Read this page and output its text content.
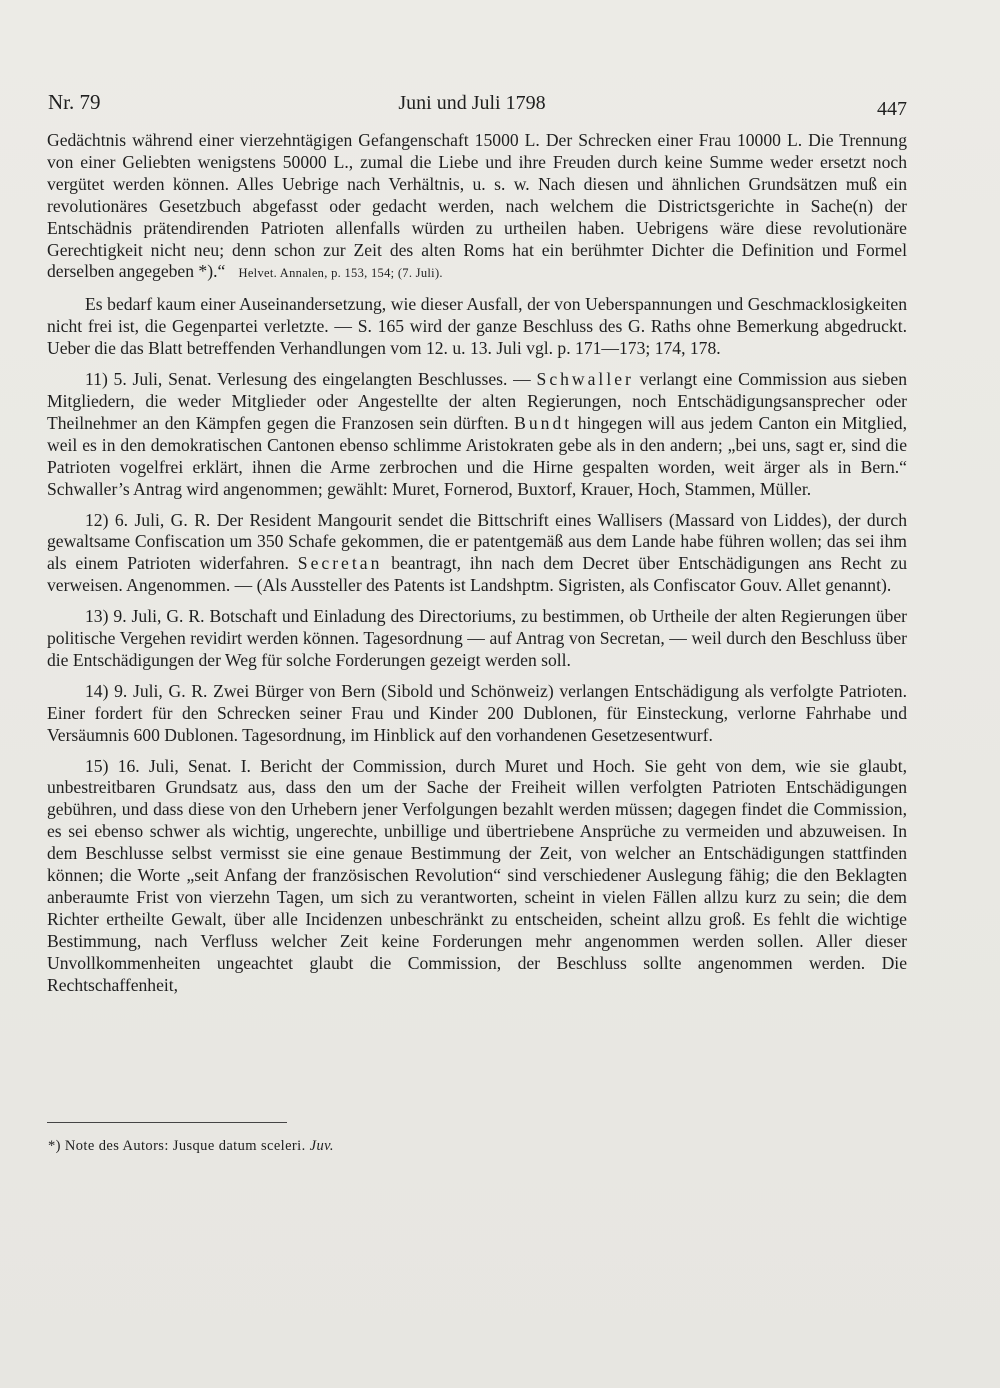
Nr. 79	Juni und Juli 1798	447

Gedächtnis während einer vierzehntägigen Gefangenschaft 15000 L. Der Schrecken einer Frau 10000 L. Die Trennung von einer Geliebten wenigstens 50000 L., zumal die Liebe und ihre Freuden durch keine Summe weder ersetzt noch vergütet werden können. Alles Uebrige nach Verhältnis, u. s. w. Nach diesen und ähnlichen Grundsätzen muß ein revolutionäres Gesetzbuch abgefasst oder gedacht werden, nach welchem die Districtsgerichte in Sache(n) der Entschädnis prätendirenden Patrioten allenfalls würden zu urtheilen haben. Uebrigens wäre diese revolutionäre Gerechtigkeit nicht neu; denn schon zur Zeit des alten Roms hat ein berühmter Dichter die Definition und Formel derselben angegeben *).“ Helvet. Annalen, p. 153, 154; (7. Juli).

Es bedarf kaum einer Auseinandersetzung, wie dieser Ausfall, der von Ueberspannungen und Geschmacklosigkeiten nicht frei ist, die Gegenpartei verletzte. — S. 165 wird der ganze Beschluss des G. Raths ohne Bemerkung abgedruckt. Ueber die das Blatt betreffenden Verhandlungen vom 12. u. 13. Juli vgl. p. 171—173; 174, 178.

11) 5. Juli, Senat. Verlesung des eingelangten Beschlusses. — Schwaller verlangt eine Commission aus sieben Mitgliedern, die weder Mitglieder oder Angestellte der alten Regierungen, noch Entschädigungsansprecher oder Theilnehmer an den Kämpfen gegen die Franzosen sein dürften. Bundt hingegen will aus jedem Canton ein Mitglied, weil es in den demokratischen Cantonen ebenso schlimme Aristokraten gebe als in den andern; „bei uns, sagt er, sind die Patrioten vogelfrei erklärt, ihnen die Arme zerbrochen und die Hirne gespalten worden, weit ärger als in Bern.“ Schwaller’s Antrag wird angenommen; gewählt: Muret, Fornerod, Buxtorf, Krauer, Hoch, Stammen, Müller.

12) 6. Juli, G. R. Der Resident Mangourit sendet die Bittschrift eines Wallisers (Massard von Liddes), der durch gewaltsame Confiscation um 350 Schafe gekommen, die er patentgemäß aus dem Lande habe führen wollen; das sei ihm als einem Patrioten widerfahren. Secretan beantragt, ihn nach dem Decret über Entschädigungen ans Recht zu verweisen. Angenommen. — (Als Aussteller des Patents ist Landshptm. Sigristen, als Confiscator Gouv. Allet genannt).

13) 9. Juli, G. R. Botschaft und Einladung des Directoriums, zu bestimmen, ob Urtheile der alten Regierungen über politische Vergehen revidirt werden können. Tagesordnung — auf Antrag von Secretan, — weil durch den Beschluss über die Entschädigungen der Weg für solche Forderungen gezeigt werden soll.

14) 9. Juli, G. R. Zwei Bürger von Bern (Sibold und Schönweiz) verlangen Entschädigung als verfolgte Patrioten. Einer fordert für den Schrecken seiner Frau und Kinder 200 Dublonen, für Einsteckung, verlorne Fahrhabe und Versäumnis 600 Dublonen. Tagesordnung, im Hinblick auf den vorhandenen Gesetzesentwurf.

15) 16. Juli, Senat. I. Bericht der Commission, durch Muret und Hoch. Sie geht von dem, wie sie glaubt, unbestreitbaren Grundsatz aus, dass den um der Sache der Freiheit willen verfolgten Patrioten Entschädigungen gebühren, und dass diese von den Urhebern jener Verfolgungen bezahlt werden müssen; dagegen findet die Commission, es sei ebenso schwer als wichtig, ungerechte, unbillige und übertriebene Ansprüche zu vermeiden und abzuweisen. In dem Beschlusse selbst vermisst sie eine genaue Bestimmung der Zeit, von welcher an Entschädigungen stattfinden können; die Worte „seit Anfang der französischen Revolution“ sind verschiedener Auslegung fähig; die den Beklagten anberaumte Frist von vierzehn Tagen, um sich zu verantworten, scheint in vielen Fällen allzu kurz zu sein; die dem Richter ertheilte Gewalt, über alle Incidenzen unbeschränkt zu entscheiden, scheint allzu groß. Es fehlt die wichtige Bestimmung, nach Verfluss welcher Zeit keine Forderungen mehr angenommen werden sollen. Aller dieser Unvollkommenheiten ungeachtet glaubt die Commission, der Beschluss sollte angenommen werden. Die Rechtschaffenheit,

*) Note des Autors: Jusque datum sceleri. Juv.
